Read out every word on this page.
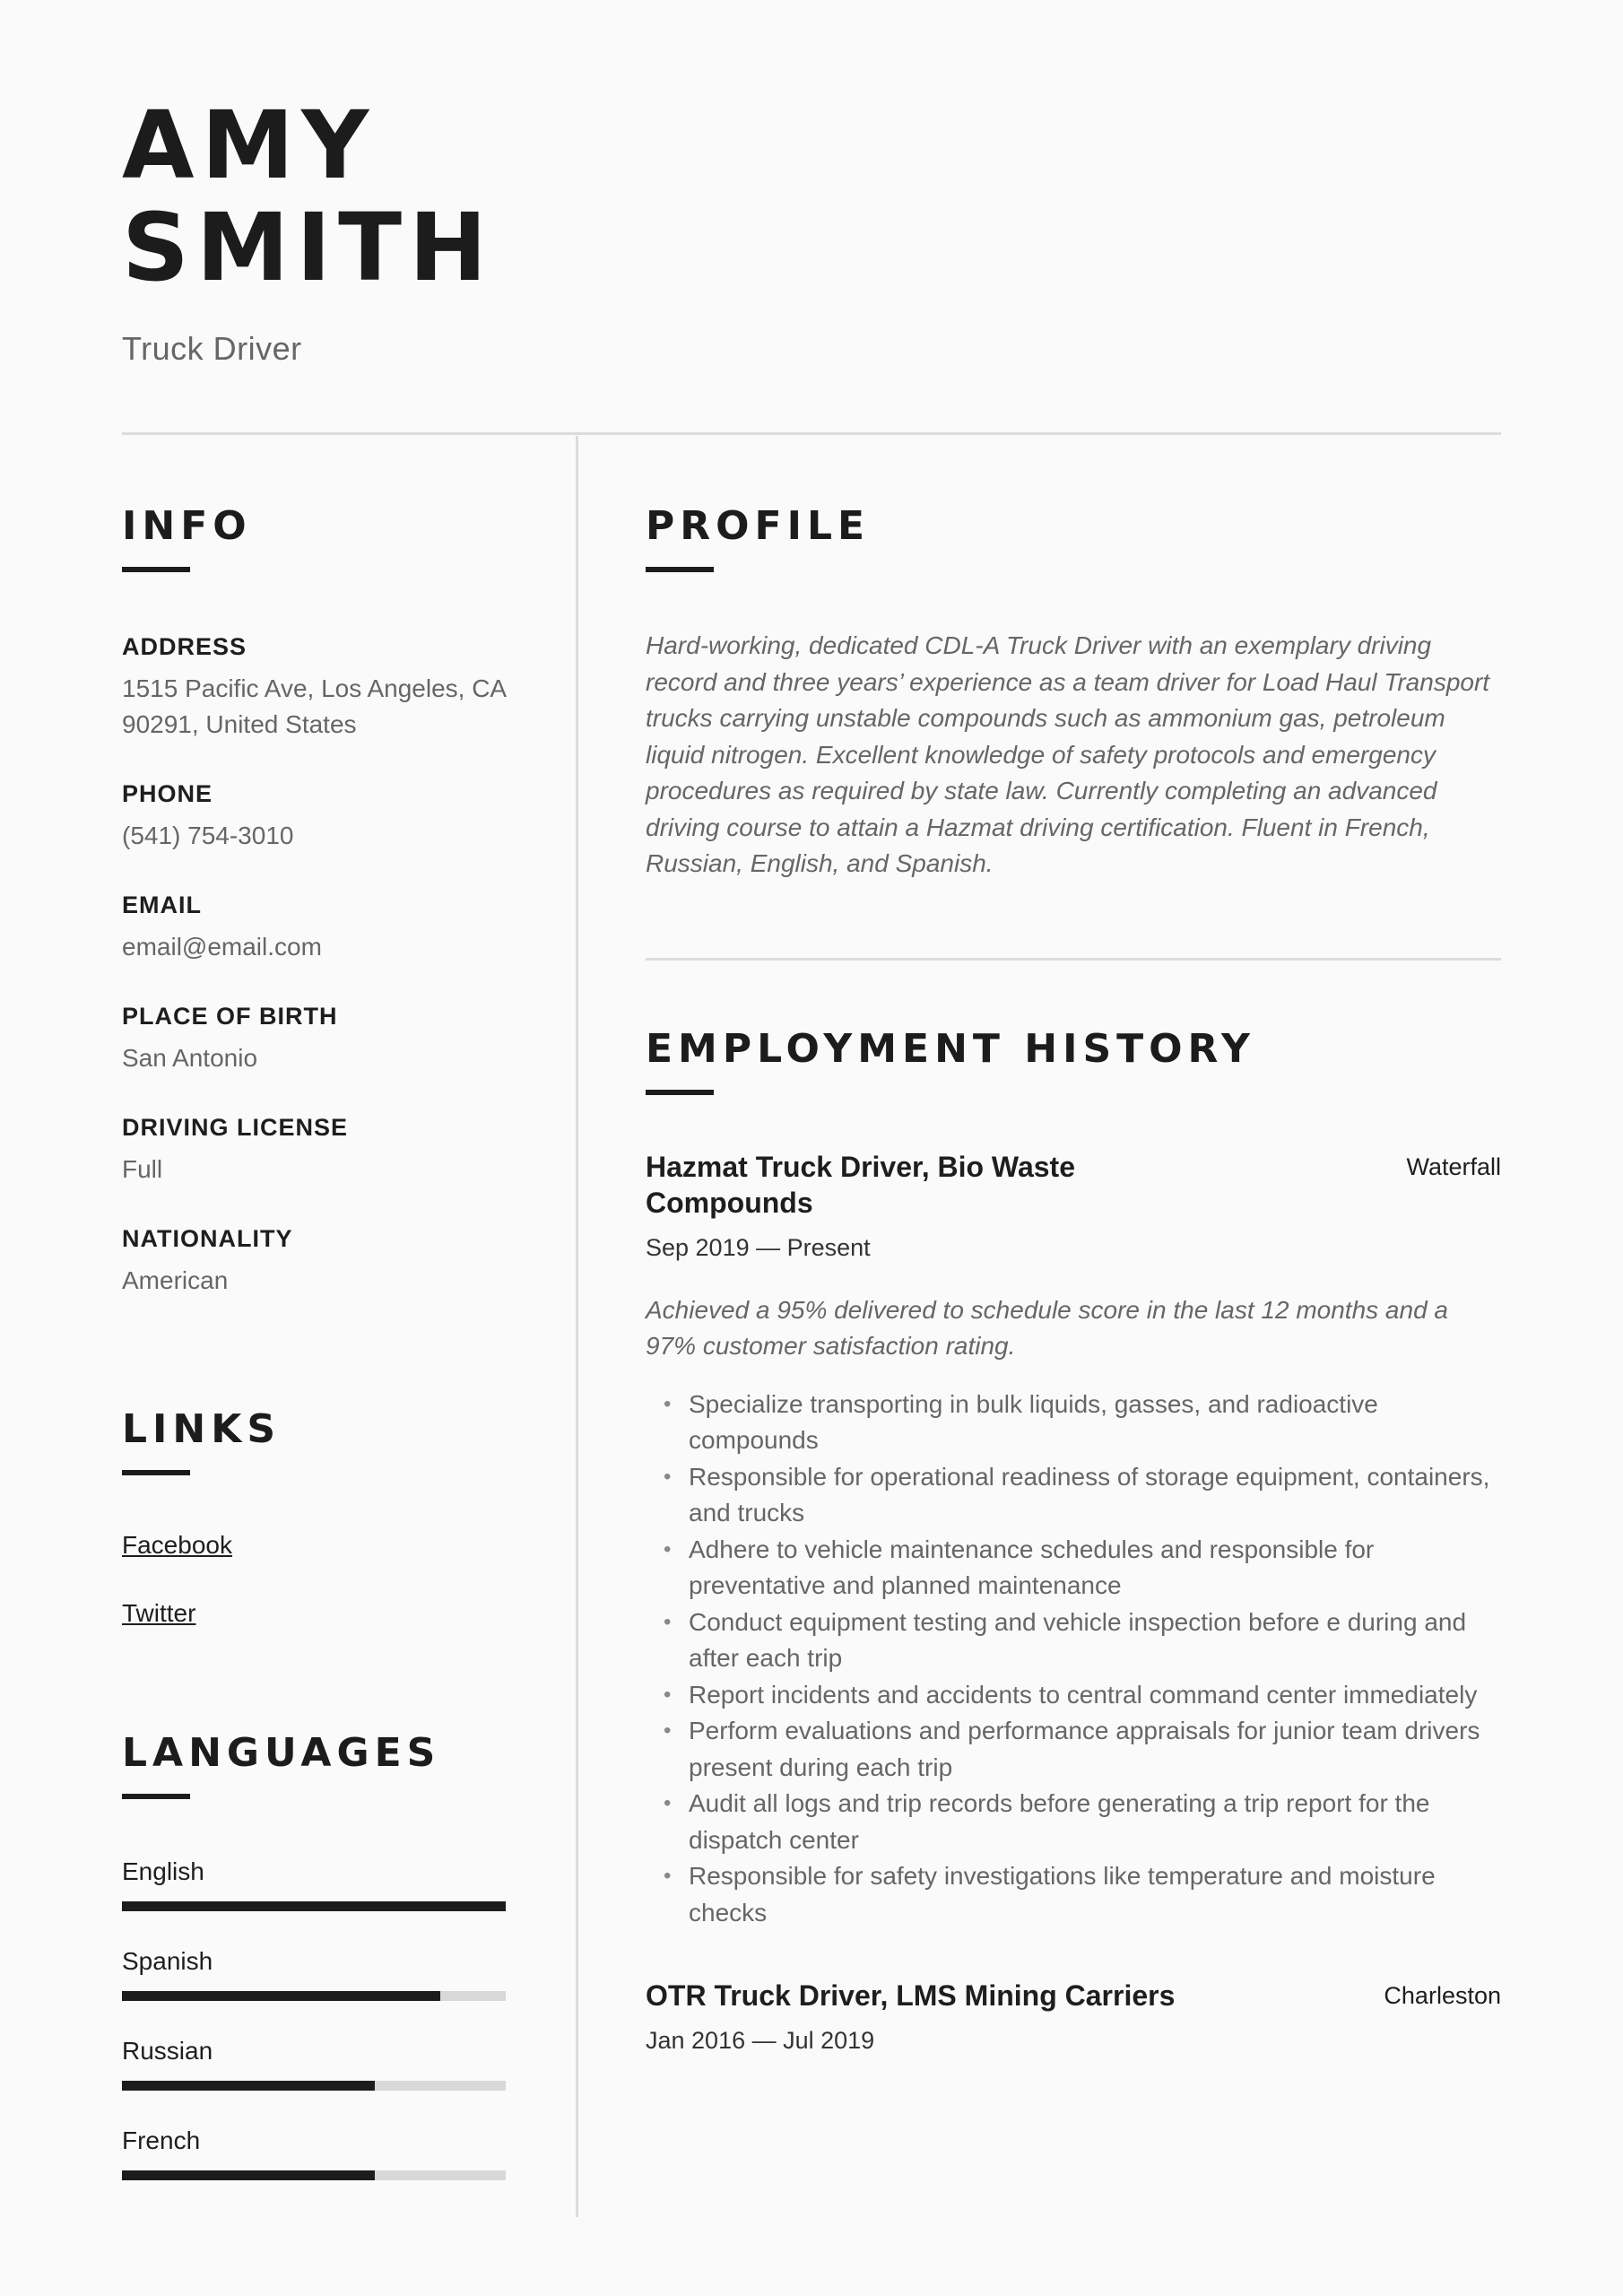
AMY
SMITH
Truck Driver
INFO
ADDRESS
1515 Pacific Ave, Los Angeles, CA 90291, United States
PHONE
(541) 754-3010
EMAIL
email@email.com
PLACE OF BIRTH
San Antonio
DRIVING LICENSE
Full
NATIONALITY
American
LINKS
Facebook
Twitter
LANGUAGES
English
Spanish
Russian
French
PROFILE
Hard-working, dedicated CDL-A Truck Driver with an exemplary driving record and three years’ experience as a team driver for Load Haul Transport trucks carrying unstable compounds such as ammonium gas, petroleum liquid nitrogen. Excellent knowledge of safety protocols and emergency procedures as required by state law. Currently completing an advanced driving course to attain a Hazmat driving certification. Fluent in French, Russian, English, and Spanish.
EMPLOYMENT HISTORY
Hazmat Truck Driver, Bio Waste Compounds
Waterfall
Sep 2019 — Present
Achieved a 95% delivered to schedule score in the last 12 months and a 97% customer satisfaction rating.
• Specialize transporting in bulk liquids, gasses, and radioactive compounds
• Responsible for operational readiness of storage equipment, containers, and trucks
• Adhere to vehicle maintenance schedules and responsible for preventative and planned maintenance
• Conduct equipment testing and vehicle inspection before e during and after each trip
• Report incidents and accidents to central command center immediately
• Perform evaluations and performance appraisals for junior team drivers present during each trip
• Audit all logs and trip records before generating a trip report for the dispatch center
• Responsible for safety investigations like temperature and moisture checks
OTR Truck Driver, LMS Mining Carriers	Charleston
Jan 2016 — Jul 2019
